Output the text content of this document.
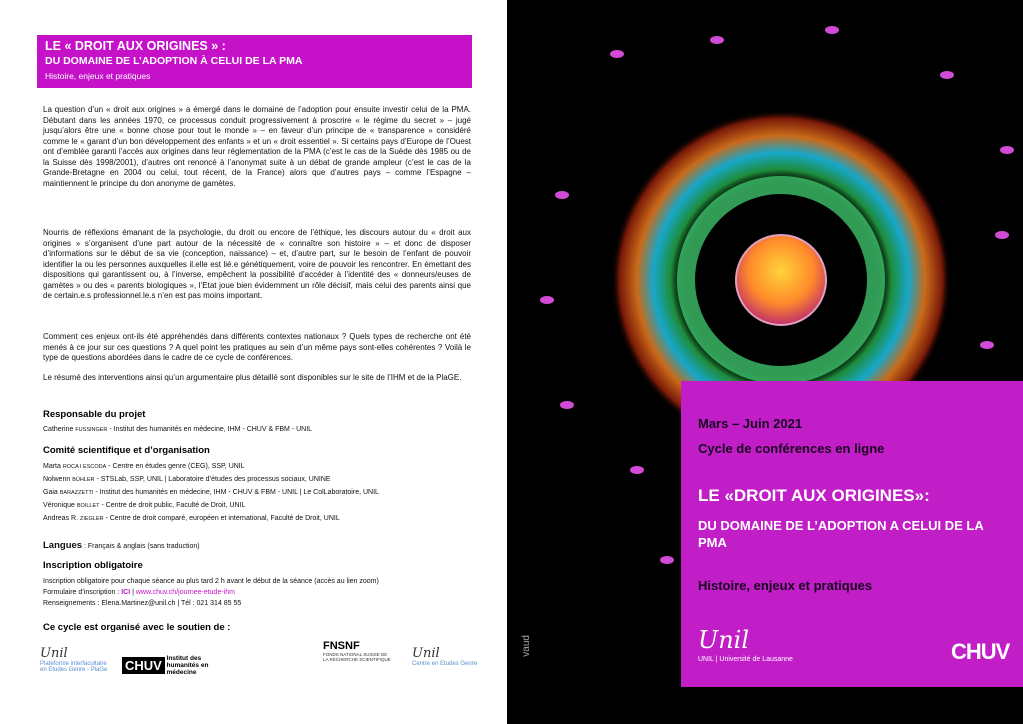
LE « DROIT AUX ORIGINES » :
DU DOMAINE DE L’ADOPTION À CELUI DE LA PMA
Histoire, enjeux et pratiques

La question d’un « droit aux origines » a émergé dans le domaine de l’adoption pour ensuite investir celui de la PMA. Débutant dans les années 1970, ce processus conduit progressivement à proscrire « le régime du secret » – jugé jusqu’alors être une « bonne chose pour tout le monde » – en faveur d’un principe de « transparence » considéré comme le « garant d’un bon développement des enfants » et un « droit essentiel ». Si certains pays d’Europe de l’Ouest ont d’emblée garanti l’accès aux origines dans leur réglementation de la PMA (c’est le cas de la Suède dès 1985 ou de la Suisse dès 1998/2001), d’autres ont renoncé à l’anonymat suite à un débat de grande ampleur (c’est le cas de la Grande-Bretagne en 2004 ou celui, tout récent, de la France) alors que d’autres pays – comme l’Espagne – maintiennent le principe du don anonyme de gamètes.

Nourris de réflexions émanant de la psychologie, du droit ou encore de l’éthique, les discours autour du « droit aux origines » s’organisent d’une part autour de la nécessité de « connaître son histoire » – et donc de disposer d’informations sur le début de sa vie (conception, naissance) – et, d’autre part, sur le besoin de l’enfant de pouvoir identifier la ou les personnes auxquelles il.elle est lié.e génétiquement, voire de pouvoir les rencontrer. En émettant des dispositions qui garantissent ou, à l’inverse, empêchent la possibilité d’accéder à l’identité des « donneurs/euses de gamètes » ou des « parents biologiques », l’Etat joue bien évidemment un rôle décisif, mais celui des parents ainsi que de certain.e.s professionnel.le.s n’en est pas moins important.

Comment ces enjeux ont-ils été appréhendés dans différents contextes nationaux ? Quels types de recherche ont été menés à ce jour sur ces questions ? A quel point les pratiques au sein d’un même pays sont-elles cohérentes ? Voilà le type de questions abordées dans le cadre de ce cycle de conférences.

Le résumé des interventions ainsi qu’un argumentaire plus détaillé sont disponibles sur le site de l’IHM et de la PlaGE.

Responsable du projet
Catherine FUSSINGER - Institut des humanités en médecine, IHM - CHUV & FBM - UNIL
Comité scientifique et d’organisation
Marta ROCA I ESCODA - Centre en études genre (CEG), SSP, UNIL
Nolwenn BÜHLER - STSLab, SSP, UNIL | Laboratoire d’études des processus sociaux, UNINE
Gaia BARAZZETTI - Institut des humanités en médecine, IHM - CHUV & FBM - UNIL | Le ColLaboratoire, UNIL
Véronique BOILLET - Centre de droit public, Faculté de Droit, UNIL
Andreas R. ZIEGLER - Centre de droit comparé, européen et international, Faculté de Droit, UNIL
Langues : Français & anglais (sans traduction)
Inscription obligatoire
Inscription obligatoire pour chaque séance au plus tard 2 h avant le début de la séance (accès au lien zoom)
Formulaire d’inscription : ICI | www.chuv.ch/journee-etude-ihm
Renseignements : Elena.Martinez@unil.ch | Tél : 021 314 85 55
Ce cycle est organisé avec le soutien de :
Unil
Plateforme interfacultaire en Etudes Genre - PlaGe CHUV Institut des humanités en médecine
FNSNF
FONDS NATIONAL SUISSE DE LA RECHERCHE SCIENTIFIQUE Unil
Centre en Etudes Genre
Mars – Juin 2021
Cycle de conférences en ligne
LE «DROIT AUX ORIGINES»:
DU DOMAINE DE L’ADOPTION A CELUI DE LA PMA
Histoire, enjeux et pratiques
Unil
UNIL | Université de Lausanne	CHUV
vaud
